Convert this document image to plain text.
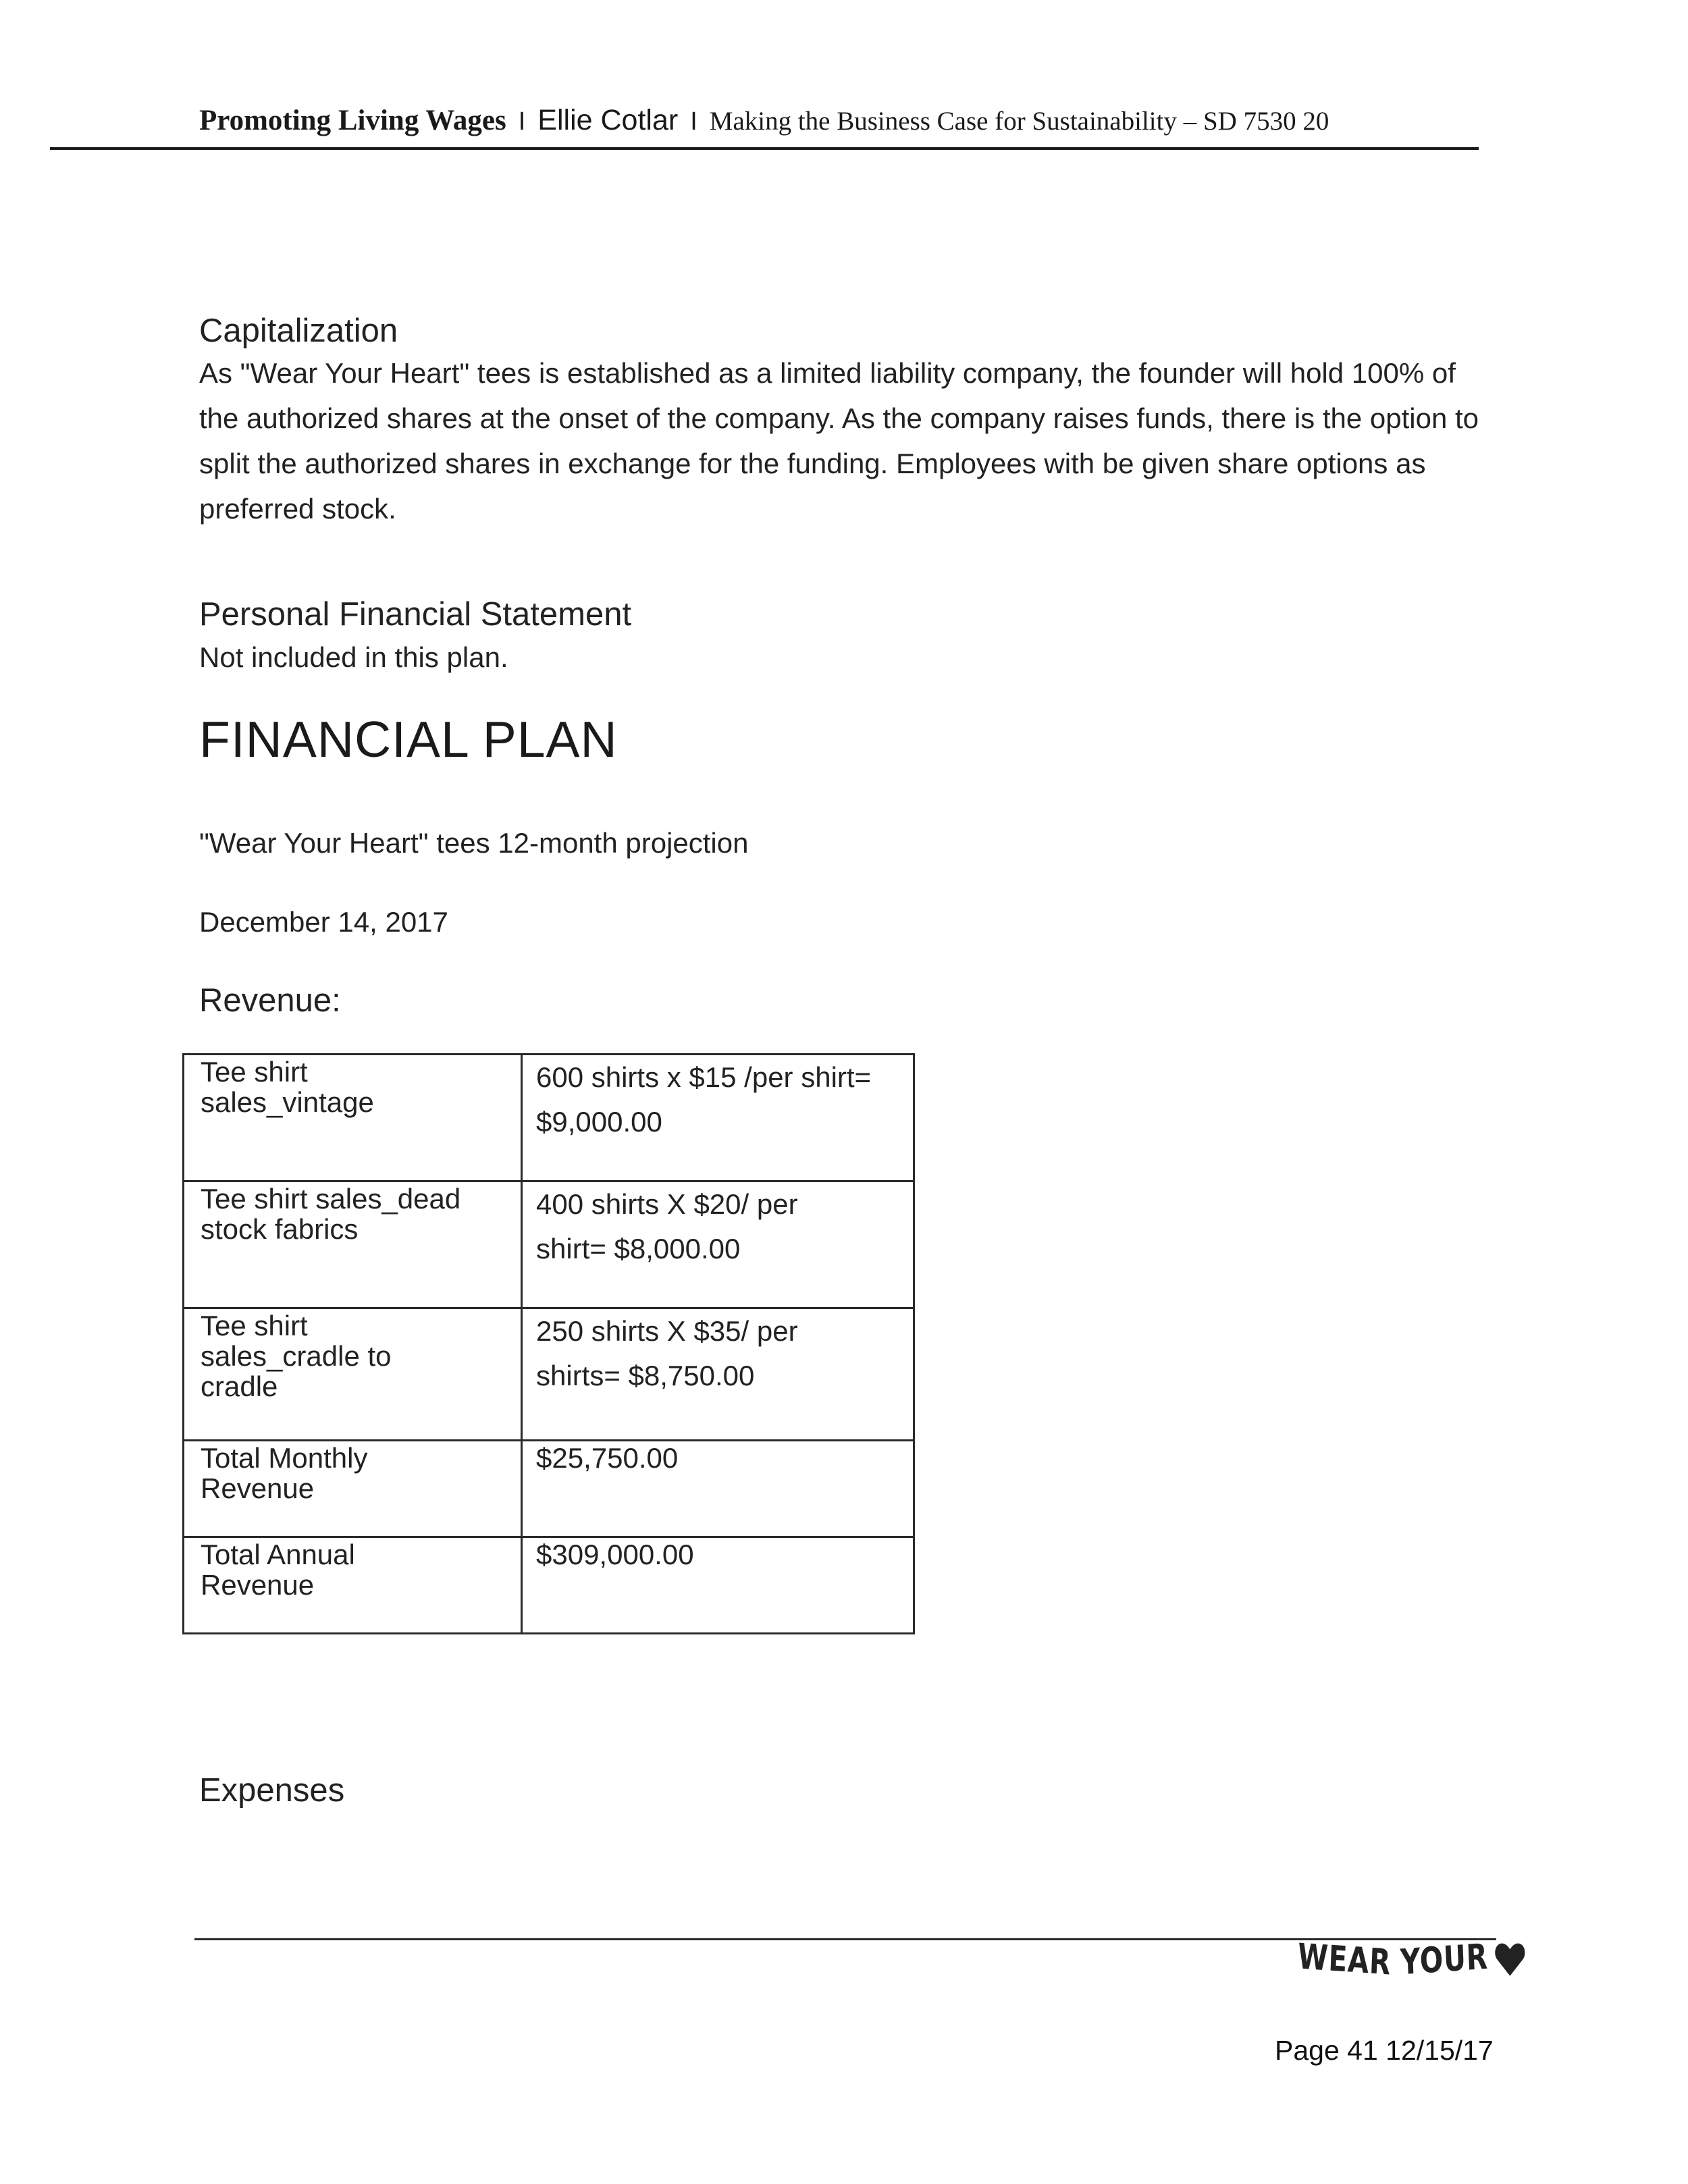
Promoting Living Wages I Ellie Cotlar I Making the Business Case for Sustainability – SD 7530 20
Capitalization
As "Wear Your Heart" tees is established as a limited liability company, the founder will hold 100% of the authorized shares at the onset of the company. As the company raises funds, there is the option to split the authorized shares in exchange for the funding. Employees with be given share options as preferred stock.
Personal Financial Statement
Not included in this plan.
FINANCIAL PLAN
"Wear Your Heart" tees 12-month projection
December 14, 2017
Revenue:
Tee shirt sales_vintage	600 shirts x $15 /per shirt= $9,000.00

Tee shirt sales_dead stock fabrics	400 shirts X $20/ per shirt= $8,000.00

Tee shirt sales_cradle to cradle	250 shirts X $35/ per shirts= $8,750.00

Total Monthly Revenue	$25,750.00

Total Annual Revenue	$309,000.00
Expenses
WEAR YOUR
Page 41 12/15/17
